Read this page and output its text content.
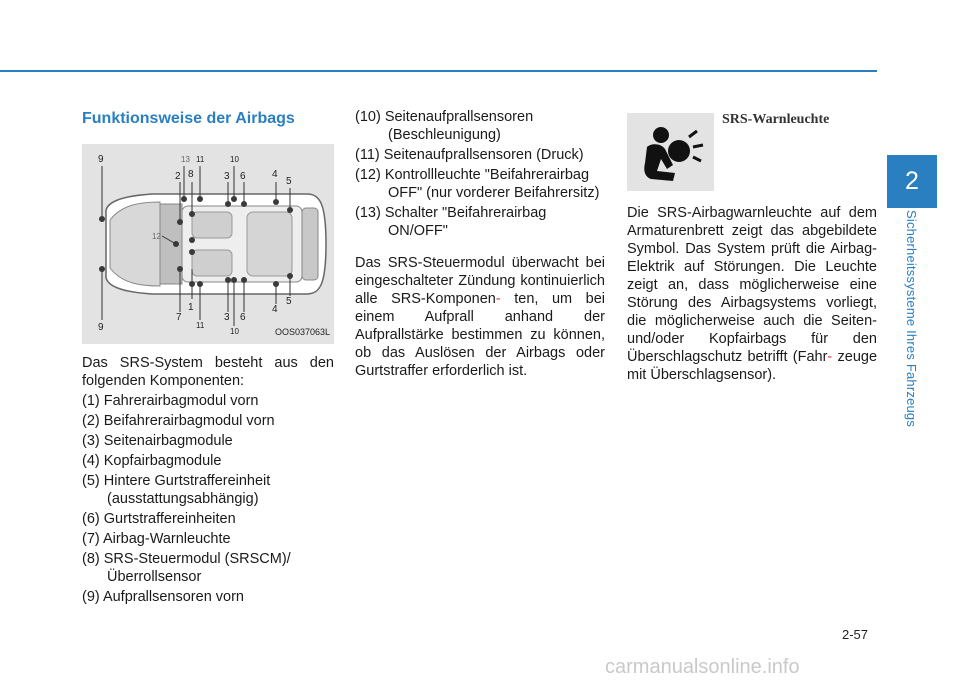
2
Sicherheitssysteme Ihres Fahrzeugs
Funktionsweise der Airbags
9	13 11	10
2 8	3 6	4
5
12
9
7
1
11
3
10
6
4
5
OOS037063L

Das SRS-System besteht aus den folgenden Komponenten:

(1) Fahrerairbagmodul vorn

(2) Beifahrerairbagmodul vorn

(3) Seitenairbagmodule

(4) Kopfairbagmodule

(5) Hintere Gurtstraffereinheit (ausstattungsabhängig)

(6) Gurtstraffereinheiten

(7) Airbag-Warnleuchte

(8) SRS-Steuermodul (SRSCM)/Überrollsensor

(9) Aufprallsensoren vorn

(10) Seitenaufprallsensoren (Beschleunigung)

(11) Seitenaufprallsensoren (Druck)

(12) Kontrollleuchte "Beifahrerairbag OFF" (nur vorderer Beifahrersitz)

(13) Schalter "Beifahrerairbag ON/OFF"

Das SRS-Steuermodul überwacht bei eingeschalteter Zündung kontinuierlich alle SRS-Komponen- ten, um bei einem Aufprall anhand der Aufprallstärke bestimmen zu können, ob das Auslösen der Airbags oder Gurtstraffer erforderlich ist.

SRS-Warnleuchte

Die SRS-Airbagwarnleuchte auf dem Armaturenbrett zeigt das abgebildete Symbol. Das System prüft die Airbag-Elektrik auf Störungen. Die Leuchte zeigt an, dass möglicherweise eine Störung des Airbagsystems vorliegt, die möglicherweise auch die Seiten- und/oder Kopfairbags für den Überschlagschutz betrifft (Fahr- zeuge mit Überschlagsensor).

2-57
carmanualsonline.info
